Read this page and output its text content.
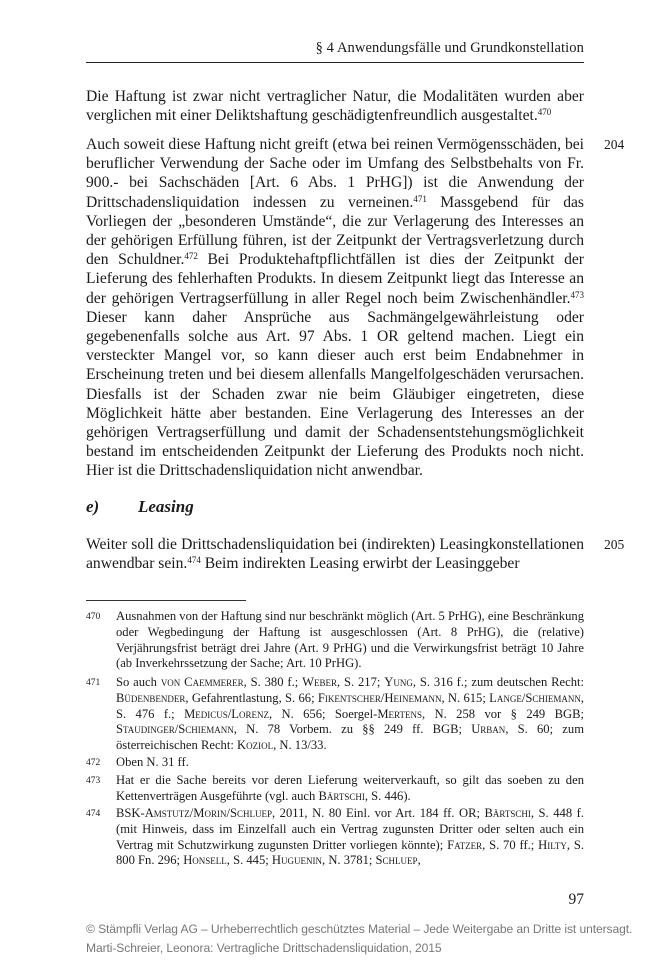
§ 4 Anwendungsfälle und Grundkonstellation

Die Haftung ist zwar nicht vertraglicher Natur, die Modalitäten wurden aber verglichen mit einer Deliktshaftung geschädigtenfreundlich ausgestaltet.$^{470}$

204

Auch soweit diese Haftung nicht greift (etwa bei reinen Vermögensschäden, bei beruflicher Verwendung der Sache oder im Umfang des Selbstbehalts von Fr. 900.- bei Sachschäden [Art. 6 Abs. 1 PrHG]) ist die Anwendung der Drittschadensliquidation indessen zu verneinen.$^{471}$ Massgebend für das Vorliegen der „besonderen Umstände“, die zur Verlagerung des Interesses an der gehörigen Erfüllung führen, ist der Zeitpunkt der Vertragsverletzung durch den Schuldner.$^{472}$ Bei Produktehaftpflichtfällen ist dies der Zeitpunkt der Lieferung des fehlerhaften Produkts. In diesem Zeitpunkt liegt das Interesse an der gehörigen Vertragserfüllung in aller Regel noch beim Zwischenhändler.$^{473}$ Dieser kann daher Ansprüche aus Sachmängelgewährleistung oder gegebenenfalls solche aus Art. 97 Abs. 1 OR geltend machen. Liegt ein versteckter Mangel vor, so kann dieser auch erst beim Endabnehmer in Erscheinung treten und bei diesem allenfalls Mangelfolgeschäden verursachen. Diesfalls ist der Schaden zwar nie beim Gläubiger eingetreten, diese Möglichkeit hätte aber bestanden. Eine Verlagerung des Interesses an der gehörigen Vertragserfüllung und damit der Schadensentstehungsmöglichkeit bestand im entscheidenden Zeitpunkt der Lieferung des Produkts noch nicht. Hier ist die Drittschadensliquidation nicht anwendbar.

e) Leasing
205

Weiter soll die Drittschadensliquidation bei (indirekten) Leasingkonstellationen anwendbar sein.$^{474}$ Beim indirekten Leasing erwirbt der Leasinggeber

470 Ausnahmen von der Haftung sind nur beschränkt möglich (Art. 5 PrHG), eine Beschränkung oder Wegbedingung der Haftung ist ausgeschlossen (Art. 8 PrHG), die (relative) Verjährungsfrist beträgt drei Jahre (Art. 9 PrHG) und die Verwirkungsfrist beträgt 10 Jahre (ab Inverkehrssetzung der Sache; Art. 10 PrHG).
471 So auch von Caemmerer, S. 380 f.; Weber, S. 217; Yung, S. 316 f.; zum deutschen Recht: Büdenbender, Gefahrentlastung, S. 66; Fikentscher/Heinemann, N. 615; Lange/Schiemann, S. 476 f.; Medicus/Lorenz, N. 656; Soergel-Mertens, N. 258 vor § 249 BGB; Staudinger/Schiemann, N. 78 Vorbem. zu §§ 249 ff. BGB; Urban, S. 60; zum österreichischen Recht: Koziol, N. 13/33.
472 Oben N. 31 ff.
473 Hat er die Sache bereits vor deren Lieferung weiterverkauft, so gilt das soeben zu den Kettenverträgen Ausgeführte (vgl. auch Bärtschi, S. 446).
474 BSK-Amstutz/Morin/Schluep, 2011, N. 80 Einl. vor Art. 184 ff. OR; Bärtschi, S. 448 f. (mit Hinweis, dass im Einzelfall auch ein Vertrag zugunsten Dritter oder selten auch ein Vertrag mit Schutzwirkung zugunsten Dritter vorliegen könnte); Fatzer, S. 70 ff.; Hilty, S. 800 Fn. 296; Honsell, S. 445; Huguenin, N. 3781; Schluep,
97
© Stämpfli Verlag AG – Urheberrechtlich geschütztes Material – Jede Weitergabe an Dritte ist untersagt.
Marti-Schreier, Leonora: Vertragliche Drittschadensliquidation, 2015
